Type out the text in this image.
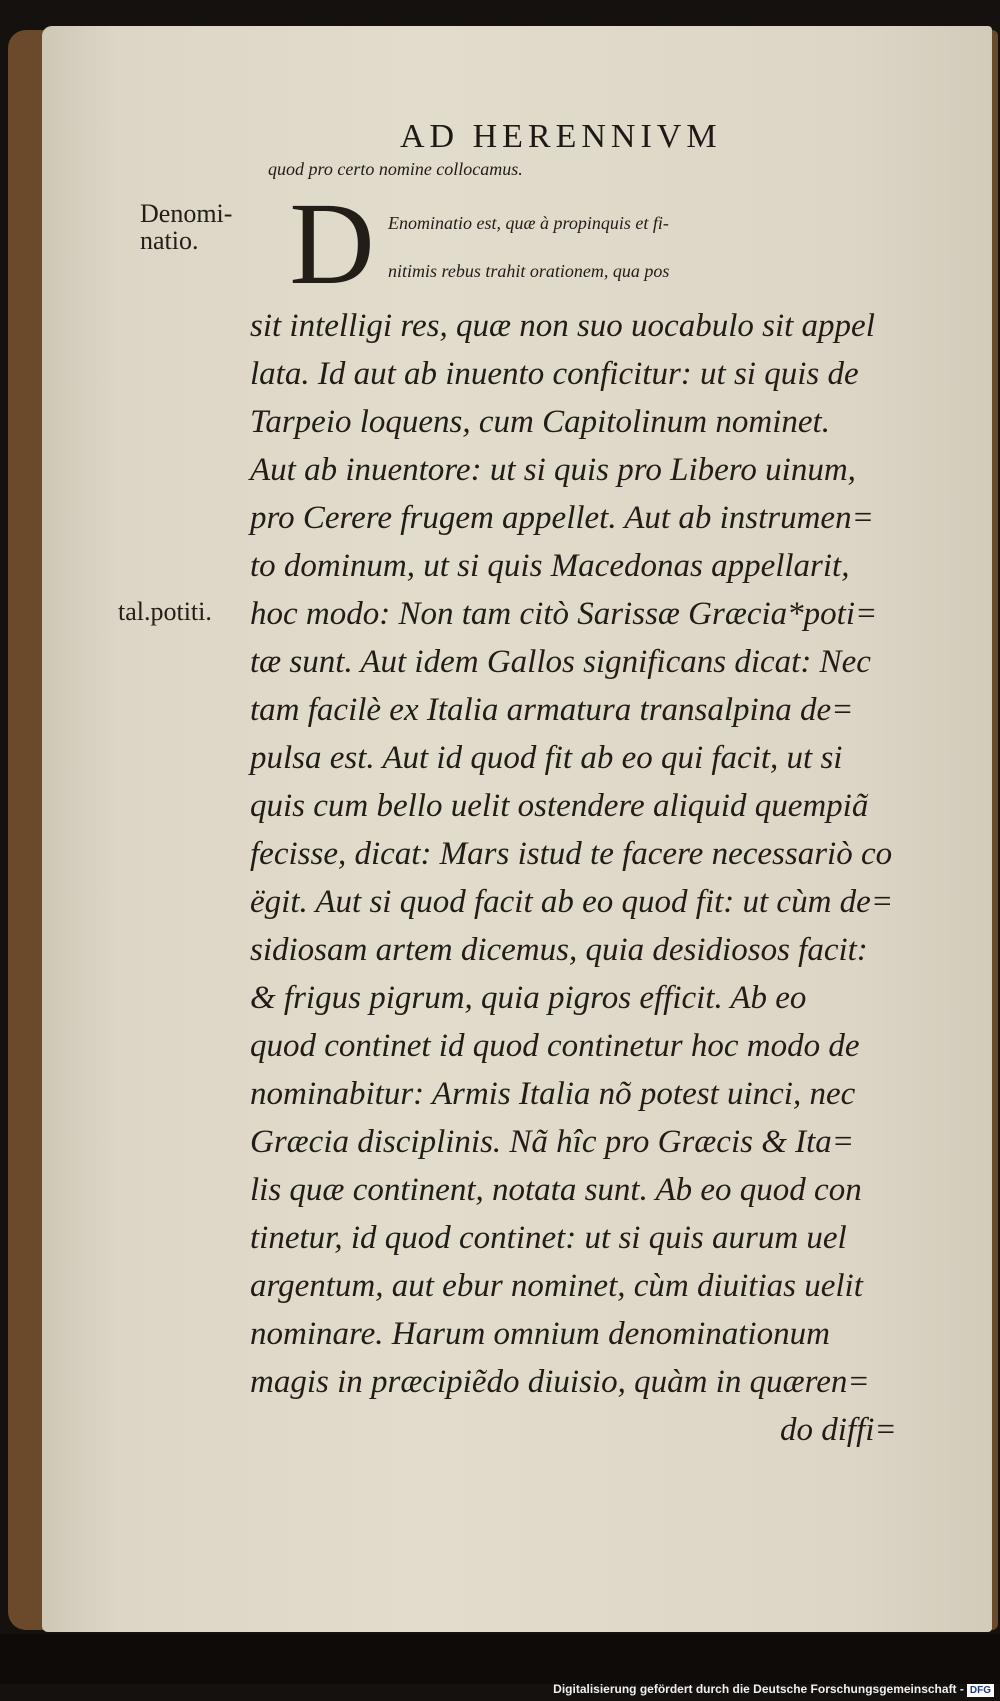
AD HERENNIVM
Denomi-natio.
tal.potiti.
D
quod pro certo nomine collocamus.
Enominatio est, quæ à propinquis et fi-
nitimis rebus trahit orationem, qua pos
sit intelligi res, quæ non suo uocabulo sit appel
lata. Id aut ab inuento conficitur: ut si quis de
Tarpeio loquens, cum Capitolinum nominet.
Aut ab inuentore: ut si quis pro Libero uinum,
pro Cerere frugem appellet. Aut ab instrumen=
to dominum, ut si quis Macedonas appellarit,
hoc modo: Non tam citò Sarissæ Græcia*poti=
tæ sunt. Aut idem Gallos significans dicat: Nec
tam facilè ex Italia armatura transalpina de=
pulsa est. Aut id quod fit ab eo qui facit, ut si
quis cum bello uelit ostendere aliquid quempiã
fecisse, dicat: Mars istud te facere necessariò co
ëgit. Aut si quod facit ab eo quod fit: ut cùm de=
sidiosam artem dicemus, quia desidiosos facit:
& frigus pigrum, quia pigros efficit. Ab eo
quod continet id quod continetur hoc modo de
nominabitur: Armis Italia nõ potest uinci, nec
Græcia disciplinis. Nã hîc pro Græcis & Ita=
lis quæ continent, notata sunt. Ab eo quod con
tinetur, id quod continet: ut si quis aurum uel
argentum, aut ebur nominet, cùm diuitias uelit
nominare. Harum omnium denominationum
magis in præcipiẽdo diuisio, quàm in quæren=
do diffi=
Digitalisierung gefördert durch die Deutsche Forschungsgemeinschaft - DFG
